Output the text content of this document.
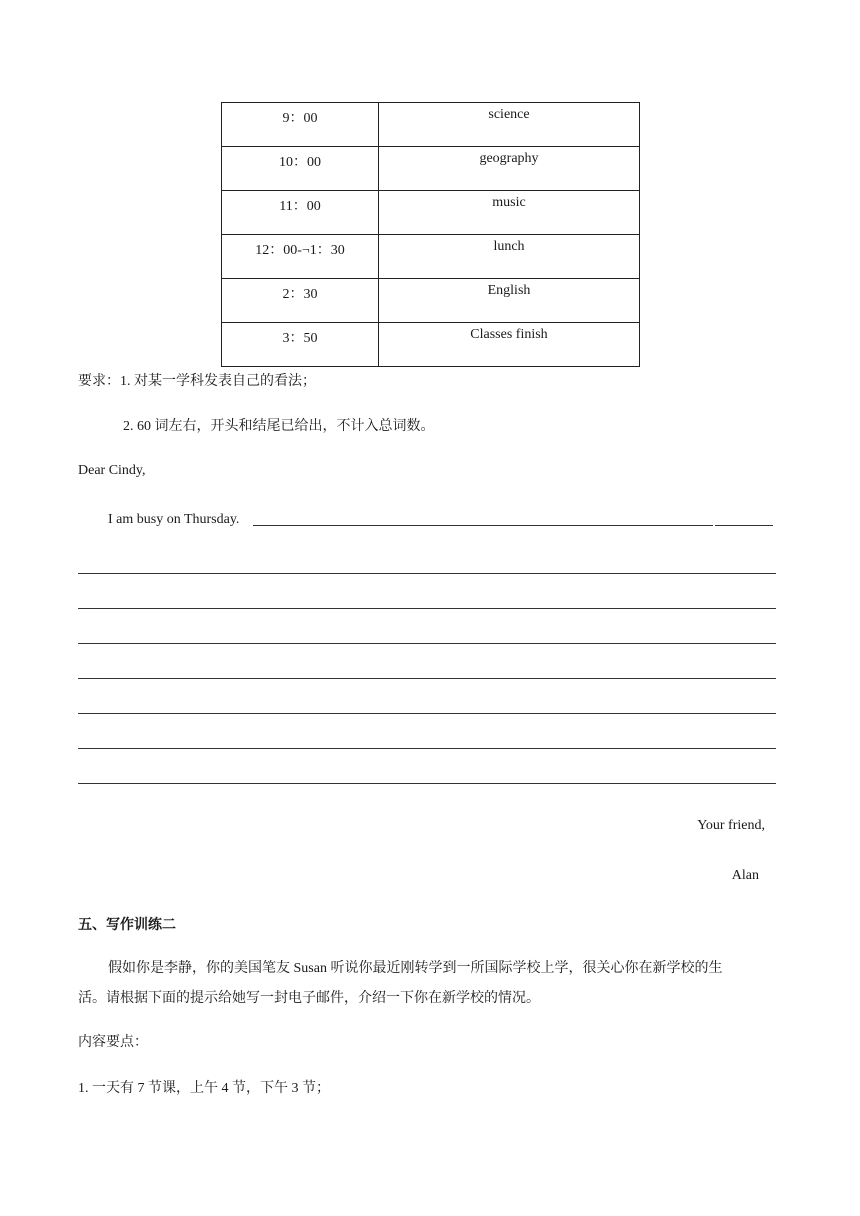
9：00	science
10：00	geography
11：00	music
12：00-¬1：30	lunch
2：30	English
3：50	Classes finish
要求：1. 对某一学科发表自己的看法；
2. 60 词左右，开头和结尾已给出，不计入总词数。
Dear Cindy,
I am busy on Thursday.
Your friend,
Alan
五、写作训练二
假如你是李静，你的美国笔友 Susan 听说你最近刚转学到一所国际学校上学，很关心你在新学校的生
活。请根据下面的提示给她写一封电子邮件，介绍一下你在新学校的情况。
内容要点：
1. 一天有 7 节课，上午 4 节，下午 3 节；
